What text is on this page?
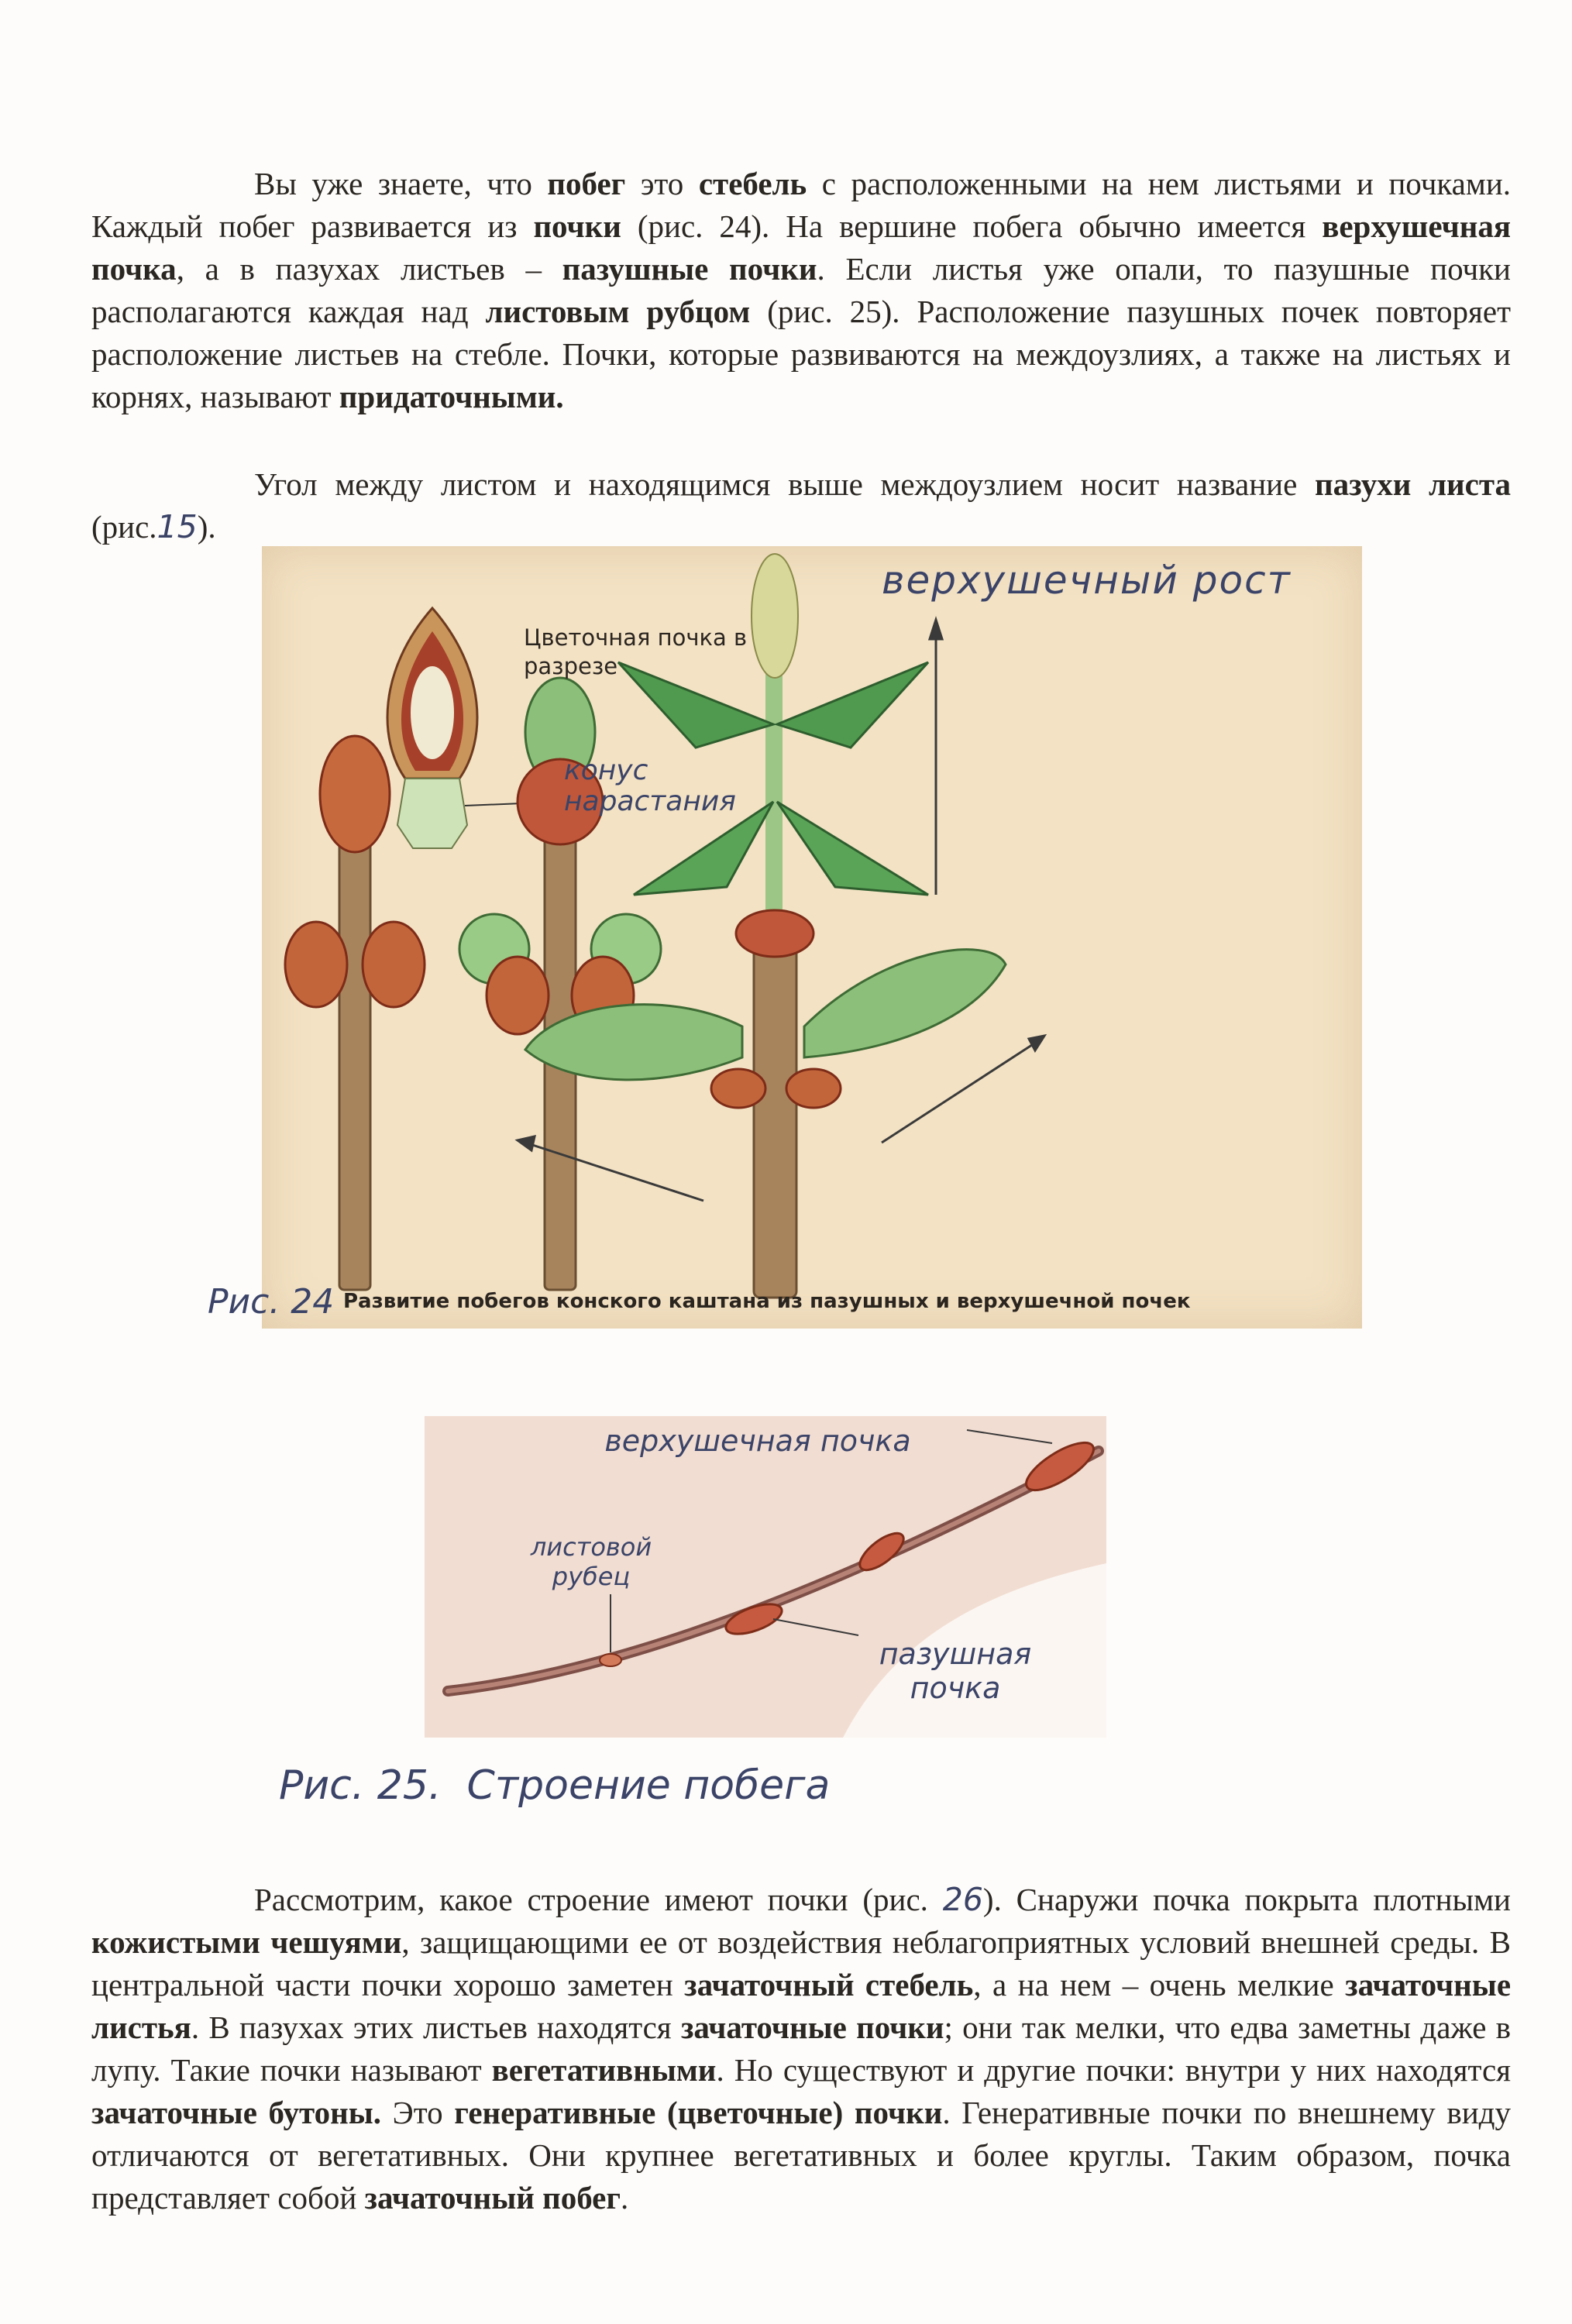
Вы уже знаете, что побег это стебель с расположенными на нем листьями и почками. Каждый побег развивается из почки (рис. 24). На вершине побега обычно имеется верхушечная почка, а в пазухах листьев – пазушные почки. Если листья уже опали, то пазушные почки располагаются каждая над листовым рубцом (рис. 25). Расположение пазушных почек повторяет расположение листьев на стебле. Почки, которые развиваются на междоузлиях, а также на листьях и корнях, называют придаточными.

Угол между листом и находящимся выше междоузлием носит название пазухи листа (рис.15).

верхушечный рост
Цветочная почка в разрезе
конус нарастания
Рис. 24 Развитие побегов конского каштана из пазушных и верхушечной почек
верхушечная почка
листовой рубец
пазушная почка
Рис. 25.  Строение побега

Рассмотрим, какое строение имеют почки (рис. 26). Снаружи почка покрыта плотными кожистыми чешуями, защищающими ее от воздействия неблагоприятных условий внешней среды. В центральной части почки хорошо заметен зачаточный стебель, а на нем – очень мелкие зачаточные листья. В пазухах этих листьев находятся зачаточные почки; они так мелки, что едва заметны даже в лупу. Такие почки называют вегетативными. Но существуют и другие почки: внутри у них находятся зачаточные бутоны. Это генеративные (цветочные) почки. Генеративные почки по внешнему виду отличаются от вегетативных. Они крупнее вегетативных и более круглы. Таким образом, почка представляет собой зачаточный побег.
